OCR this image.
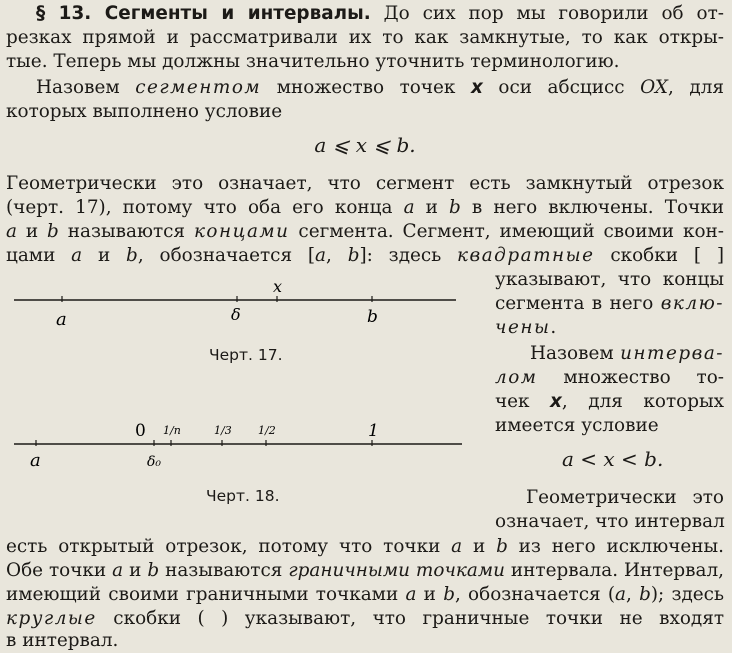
§ 13. Сегменты и интервалы. До сих пор мы говорили об от-
резках прямой и рассматривали их то как замкнутые, то как откры-
тые. Теперь мы должны значительно уточнить терминологию.
Назовем сегментом множество точек x оси абсцисс OX, для
которых выполнено условие
a ⩽ x ⩽ b.
Геометрически это означает, что сегмент есть замкнутый отрезок
(черт. 17), потому что оба его конца a и b в него включены. Точки
a и b называются концами сегмента. Сегмент, имеющий своими кон-
цами a и b, обозначается [a, b]: здесь квадратные скобки [ ]
указывают, что концы
сегмента в него вклю-
чены.
a
x
δ	b
Черт. 17.	Назовем интерва-
лом множество то-
чек x, для которых
имеется условие
a < x < b.
a
0 1/n	1/3 1/2	1
δ₀
Черт. 18.	Геометрически это
означает, что интервал
есть открытый отрезок, потому что точки a и b из него исключены.
Обе точки a и b называются граничными точками интервала. Интервал,
имеющий своими граничными точками a и b, обозначается (a, b); здесь
круглые скобки ( ) указывают, что граничные точки не входят
в интервал.
